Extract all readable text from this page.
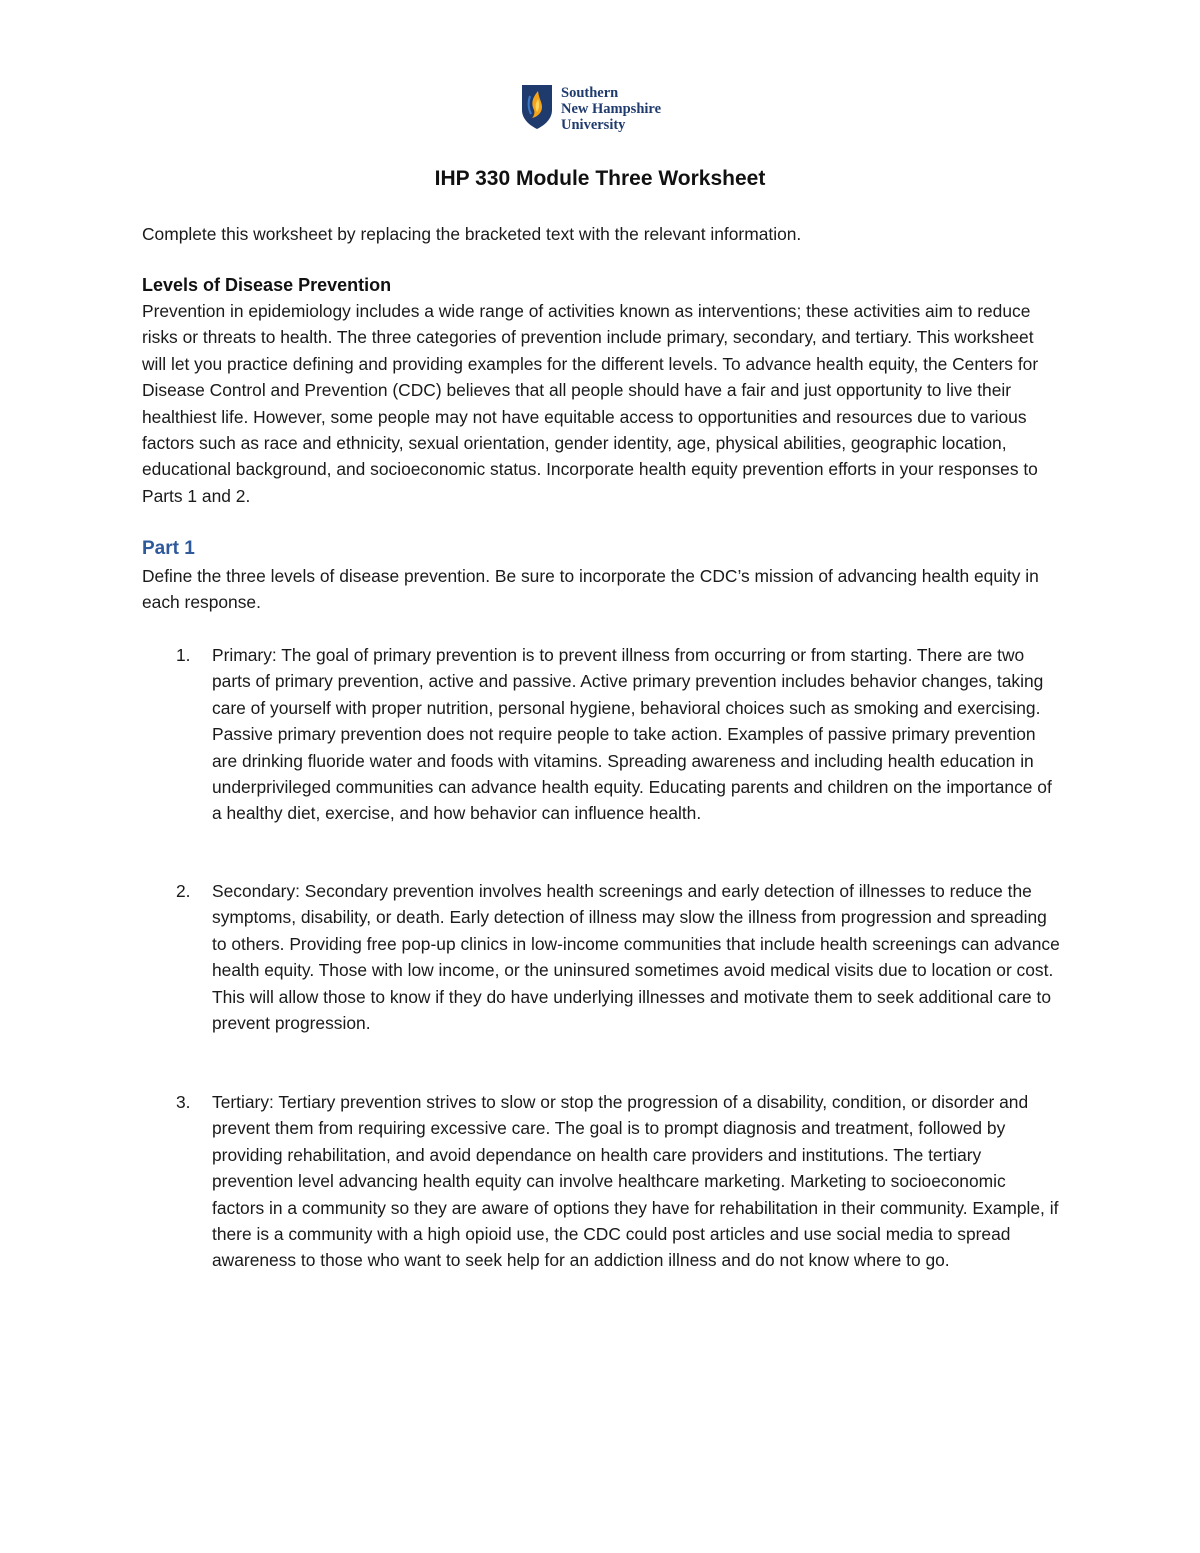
Southern
New Hampshire
University
IHP 330 Module Three Worksheet

Complete this worksheet by replacing the bracketed text with the relevant information.

Levels of Disease Prevention

Prevention in epidemiology includes a wide range of activities known as interventions; these activities aim to reduce risks or threats to health. The three categories of prevention include primary, secondary, and tertiary. This worksheet will let you practice defining and providing examples for the different levels. To advance health equity, the Centers for Disease Control and Prevention (CDC) believes that all people should have a fair and just opportunity to live their healthiest life. However, some people may not have equitable access to opportunities and resources due to various factors such as race and ethnicity, sexual orientation, gender identity, age, physical abilities, geographic location, educational background, and socioeconomic status. Incorporate health equity prevention efforts in your responses to Parts 1 and 2.

Part 1

Define the three levels of disease prevention. Be sure to incorporate the CDC’s mission of advancing health equity in each response.

1.	Primary: The goal of primary prevention is to prevent illness from occurring or from starting. There are two parts of primary prevention, active and passive. Active primary prevention includes behavior changes, taking care of yourself with proper nutrition, personal hygiene, behavioral choices such as smoking and exercising. Passive primary prevention does not require people to take action. Examples of passive primary prevention are drinking fluoride water and foods with vitamins. Spreading awareness and including health education in underprivileged communities can advance health equity. Educating parents and children on the importance of a healthy diet, exercise, and how behavior can influence health.

2.	Secondary: Secondary prevention involves health screenings and early detection of illnesses to reduce the symptoms, disability, or death. Early detection of illness may slow the illness from progression and spreading to others. Providing free pop-up clinics in low-income communities that include health screenings can advance health equity. Those with low income, or the uninsured sometimes avoid medical visits due to location or cost. This will allow those to know if they do have underlying illnesses and motivate them to seek additional care to prevent progression.

3.	Tertiary: Tertiary prevention strives to slow or stop the progression of a disability, condition, or disorder and prevent them from requiring excessive care. The goal is to prompt diagnosis and treatment, followed by providing rehabilitation, and avoid dependance on health care providers and institutions. The tertiary prevention level advancing health equity can involve healthcare marketing. Marketing to socioeconomic factors in a community so they are aware of options they have for rehabilitation in their community. Example, if there is a community with a high opioid use, the CDC could post articles and use social media to spread awareness to those who want to seek help for an addiction illness and do not know where to go.
